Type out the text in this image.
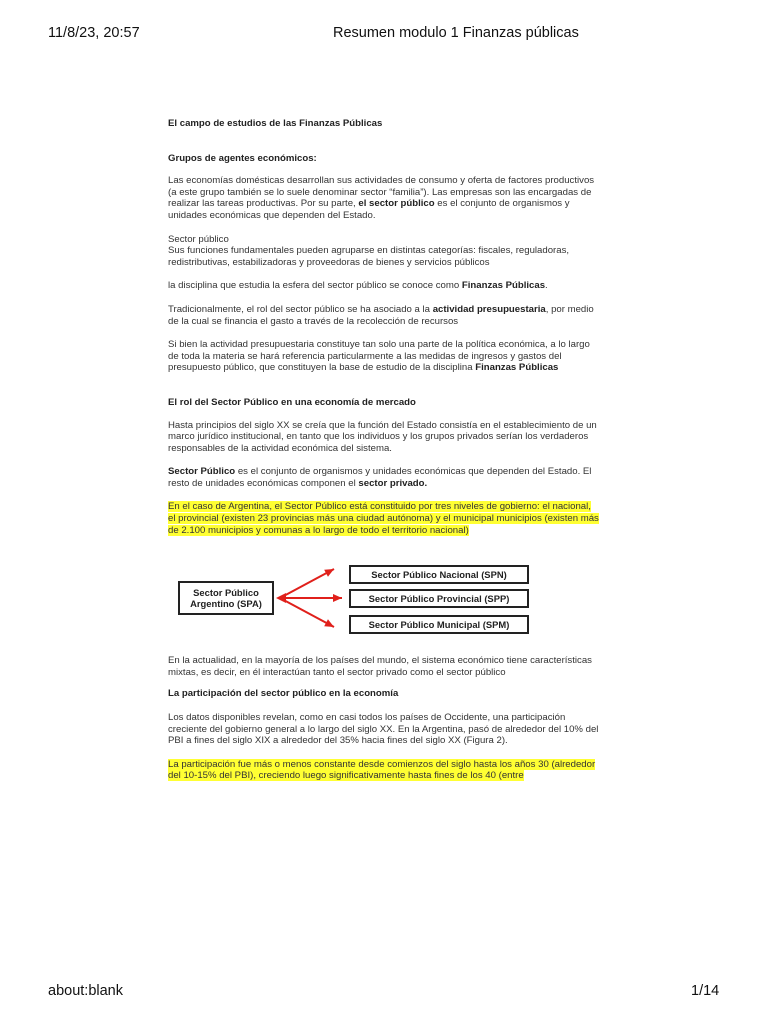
11/8/23, 20:57	Resumen modulo 1 Finanzas públicas

El campo de estudios de las Finanzas Públicas

Grupos de agentes económicos:

Las economías domésticas desarrollan sus actividades de consumo y oferta de factores productivos (a este grupo también se lo suele denominar sector “familia”). Las empresas son las encargadas de realizar las tareas productivas. Por su parte, el sector público es el conjunto de organismos y unidades económicas que dependen del Estado.

Sector público
Sus funciones fundamentales pueden agruparse en distintas categorías: fiscales, reguladoras, redistributivas, estabilizadoras y proveedoras de bienes y servicios públicos

la disciplina que estudia la esfera del sector público se conoce como Finanzas Públicas.

Tradicionalmente, el rol del sector público se ha asociado a la actividad presupuestaria, por medio de la cual se financia el gasto a través de la recolección de recursos

Si bien la actividad presupuestaria constituye tan solo una parte de la política económica, a lo largo de toda la materia se hará referencia particularmente a las medidas de ingresos y gastos del presupuesto público, que constituyen la base de estudio de la disciplina Finanzas Públicas

El rol del Sector Público en una economía de mercado

Hasta principios del siglo XX se creía que la función del Estado consistía en el establecimiento de un marco jurídico institucional, en tanto que los individuos y los grupos privados serían los verdaderos responsables de la actividad económica del sistema.

Sector Público es el conjunto de organismos y unidades económicas que dependen del Estado. El resto de unidades económicas componen el sector privado.

En el caso de Argentina, el Sector Público está constituido por tres niveles de gobierno: el nacional, el provincial (existen 23 provincias más una ciudad autónoma) y el municipal municipios (existen más de 2.100 municipios y comunas a lo largo de todo el territorio nacional)

Sector Público Argentino (SPA)
Sector Público Nacional (SPN)
Sector Público Provincial (SPP)
Sector Público Municipal (SPM)

En la actualidad, en la mayoría de los países del mundo, el sistema económico tiene características mixtas, es decir, en él interactúan tanto el sector privado como el sector público

La participación del sector público en la economía

Los datos disponibles revelan, como en casi todos los países de Occidente, una participación creciente del gobierno general a lo largo del siglo XX. En la Argentina, pasó de alrededor del 10% del PBI a fines del siglo XIX a alrededor del 35% hacia fines del siglo XX (Figura 2).

La participación fue más o menos constante desde comienzos del siglo hasta los años 30 (alrededor del 10-15% del PBI), creciendo luego significativamente hasta fines de los 40 (entre

about:blank	1/14
